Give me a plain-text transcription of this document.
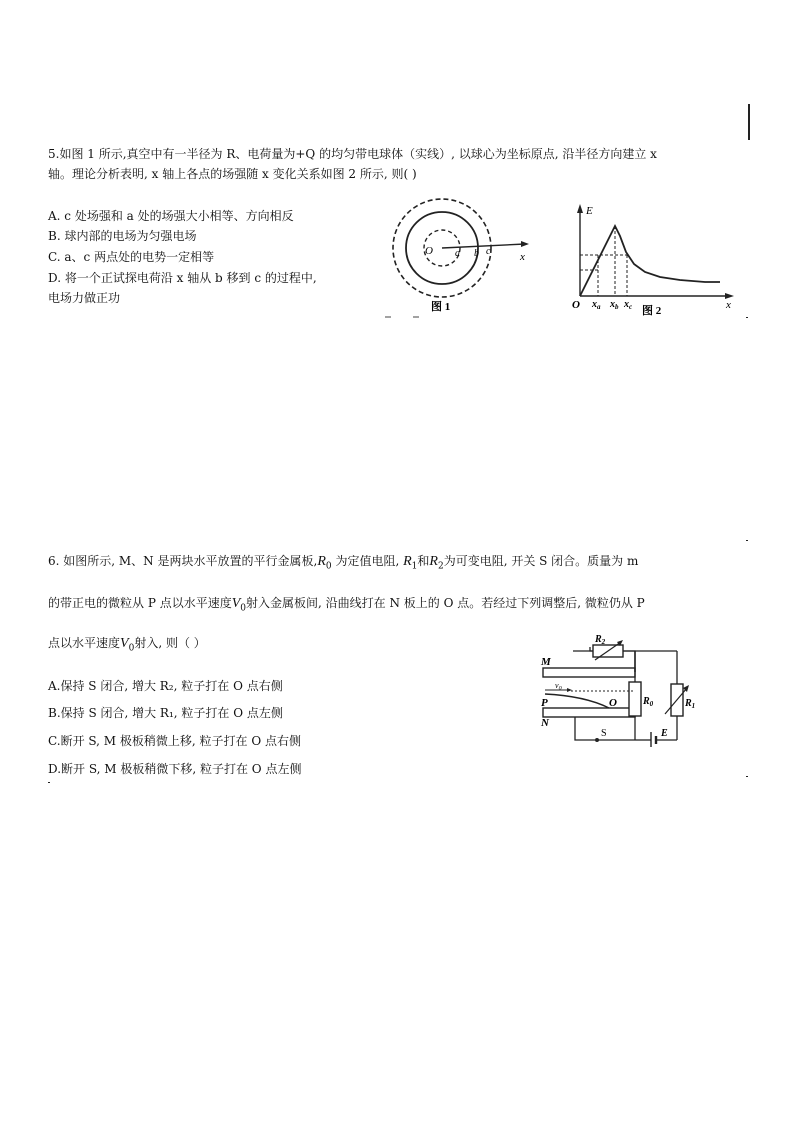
5.如图 1 所示,真空中有一半径为 R、电荷量为+Q 的均匀带电球体（实线）, 以球心为坐标原点, 沿半径方向建立 x
轴。理论分析表明, x 轴上各点的场强随 x 变化关系如图 2 所示, 则( )
A. c 处场强和 a 处的场强大小相等、方向相反
B. 球内部的电场为匀强电场
C. a、c 两点处的电势一定相等
D. 将一个正试探电荷沿 x 轴从 b 移到 c 的过程中,
电场力做正功
O a b c	x
图 1
E
O $x_a$ $x_b$ $x_c$	x
图 2
6. 如图所示, M、N 是两块水平放置的平行金属板$,R_0$ 为定值电阻, $R_1$和$R_2$为可变电阻, 开关 S 闭合。质量为 m
的带正电的微粒从 P 点以水平速度$V_0$射入金属板间, 沿曲线打在 N 板上的 O 点。若经过下列调整后, 微粒仍从 P
点以水平速度$V_0$射入, 则（ ）
A.保持 S 闭合, 增大 R₂, 粒子打在 O 点右侧
B.保持 S 闭合, 增大 R₁, 粒子打在 O 点左侧
C.断开 S, M 极板稍微上移, 粒子打在 O 点右侧
D.断开 S, M 极板稍微下移, 粒子打在 O 点左侧
M
N
P	O
$v_0$
$R_2$
$R_0$	$R_1$
S	E
